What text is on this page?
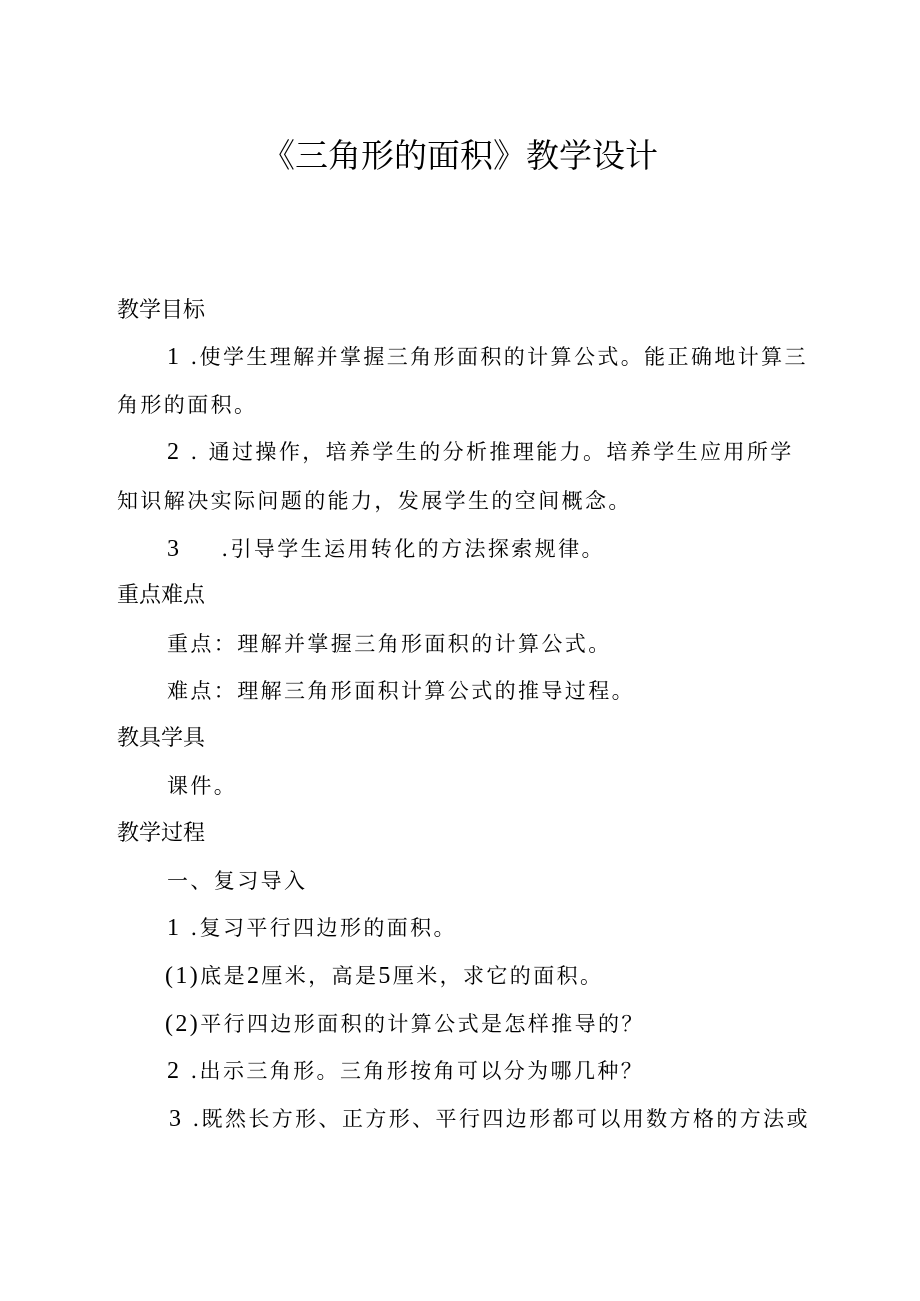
《三角形的面积》教学设计
教学目标
1 .使学生理解并掌握三角形面积的计算公式。能正确地计算三
角形的面积。
2 . 通过操作，培养学生的分析推理能力。培养学生应用所学
知识解决实际问题的能力，发展学生的空间概念。
3 .引导学生运用转化的方法探索规律。
重点难点
重点：理解并掌握三角形面积的计算公式。
难点：理解三角形面积计算公式的推导过程。
教具学具
课件。
教学过程
一、复习导入
1 .复习平行四边形的面积。
(1)底是2厘米，高是5厘米，求它的面积。
(2)平行四边形面积的计算公式是怎样推导的？
2 .出示三角形。三角形按角可以分为哪几种？
3 .既然长方形、正方形、平行四边形都可以用数方格的方法或
